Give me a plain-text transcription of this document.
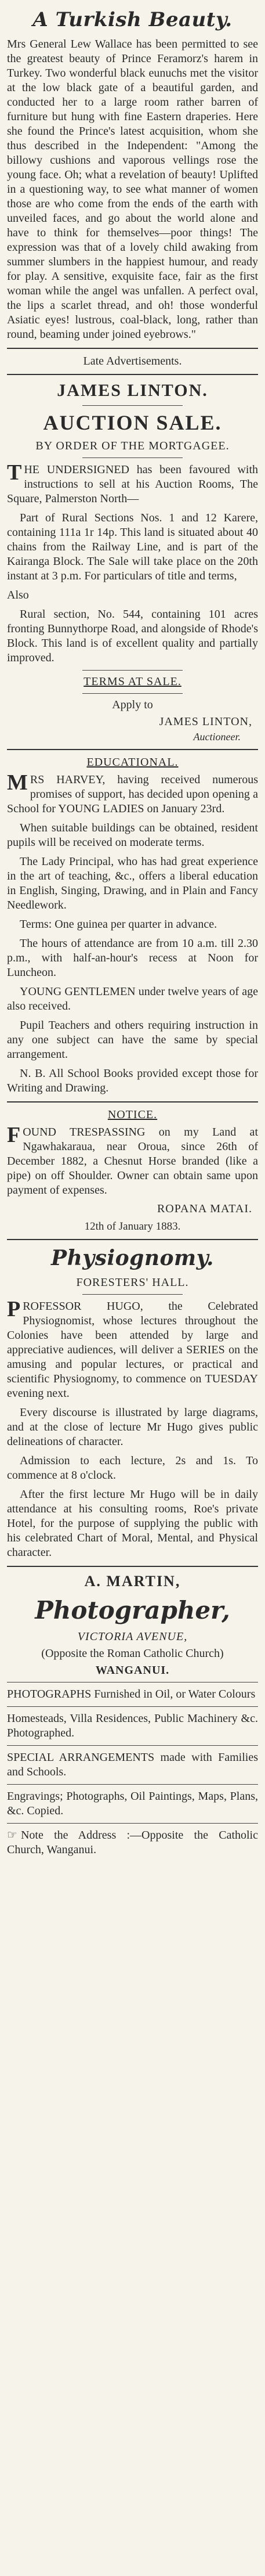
A Turkish Beauty.

Mrs General Lew Wallace has been permitted to see the greatest beauty of Prince Feramorz's harem in Turkey. Two wonderful black eunuchs met the visitor at the low black gate of a beautiful garden, and conducted her to a large room rather barren of furniture but hung with fine Eastern draperies. Here she found the Prince's latest acquisition, whom she thus described in the Independent: "Among the billowy cushions and vaporous vellings rose the young face. Oh; what a revelation of beauty! Uplifted in a questioning way, to see what manner of women those are who come from the ends of the earth with unveiled faces, and go about the world alone and have to think for themselves—poor things! The expression was that of a lovely child awaking from summer slumbers in the happiest humour, and ready for play. A sensitive, exquisite face, fair as the first woman while the angel was unfallen. A perfect oval, the lips a scarlet thread, and oh! those wonderful Asiatic eyes! lustrous, coal-black, long, rather than round, beaming under joined eyebrows."

Late Advertisements.
JAMES LINTON.
AUCTION SALE.
BY ORDER OF THE MORTGAGEE.

THE UNDERSIGNED has been favoured with instructions to sell at his Auction Rooms, The Square, Palmerston North—

Part of Rural Sections Nos. 1 and 12 Karere, containing 111a 1r 14p. This land is situated about 40 chains from the Railway Line, and is part of the Kairanga Block. The Sale will take place on the 20th instant at 3 p.m. For particulars of title and terms,

Also

Rural section, No. 544, containing 101 acres fronting Bunnythorpe Road, and alongside of Rhode's Block. This land is of excellent quality and partially improved.

TERMS AT SALE.
Apply to
JAMES LINTON,
Auctioneer.
EDUCATIONAL.

MRS HARVEY, having received numerous promises of support, has decided upon opening a School for YOUNG LADIES on January 23rd.

When suitable buildings can be obtained, resident pupils will be received on moderate terms.

The Lady Principal, who has had great experience in the art of teaching, &c., offers a liberal education in English, Singing, Drawing, and in Plain and Fancy Needlework.

Terms: One guinea per quarter in advance.

The hours of attendance are from 10 a.m. till 2.30 p.m., with half-an-hour's recess at Noon for Luncheon.

YOUNG GENTLEMEN under twelve years of age also received.

Pupil Teachers and others requiring instruction in any one subject can have the same by special arrangement.

N. B. All School Books provided except those for Writing and Drawing.

NOTICE.

FOUND TRESPASSING on my Land at Ngawhakaraua, near Oroua, since 26th of December 1882, a Chesnut Horse branded (like a pipe) on off Shoulder. Owner can obtain same upon payment of expenses.

ROPANA MATAI.
12th of January 1883.
Physiognomy.
FORESTERS' HALL.

PROFESSOR HUGO, the Celebrated Physiognomist, whose lectures throughout the Colonies have been attended by large and appreciative audiences, will deliver a SERIES on the amusing and popular lectures, or practical and scientific Physiognomy, to commence on TUESDAY evening next.

Every discourse is illustrated by large diagrams, and at the close of lecture Mr Hugo gives public delineations of character.

Admission to each lecture, 2s and 1s. To commence at 8 o'clock.

After the first lecture Mr Hugo will be in daily attendance at his consulting rooms, Roe's private Hotel, for the purpose of supplying the public with his celebrated Chart of Moral, Mental, and Physical character.

A. MARTIN,
Photographer,
VICTORIA AVENUE,
(Opposite the Roman Catholic Church)
WANGANUI.

PHOTOGRAPHS Furnished in Oil, or Water Colours

Homesteads, Villa Residences, Public Machinery &c. Photographed.

SPECIAL ARRANGEMENTS made with Families and Schools.

Engravings; Photographs, Oil Paintings, Maps, Plans, &c. Copied.

☞ Note the Address :—Opposite the Catholic Church, Wanganui.
